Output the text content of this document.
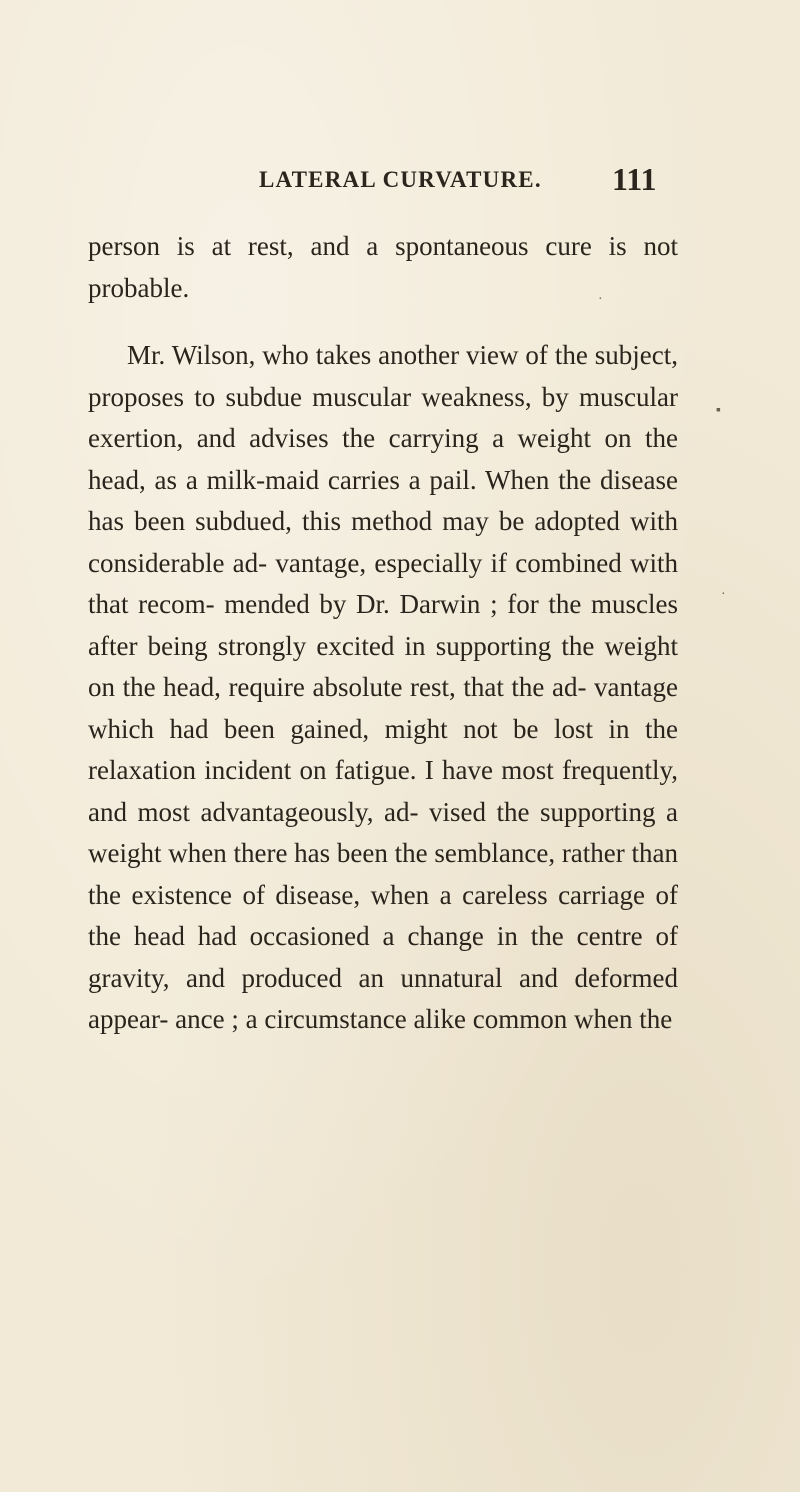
LATERAL CURVATURE. 111

person is at rest, and a spontaneous cure is not probable.

Mr. Wilson, who takes another view of the subject, proposes to subdue muscular weakness, by muscular exertion, and advises the carrying a weight on the head, as a milk-maid carries a pail. When the disease has been subdued, this method may be adopted with considerable ad- vantage, especially if combined with that recom- mended by Dr. Darwin ; for the muscles after being strongly excited in supporting the weight on the head, require absolute rest, that the ad- vantage which had been gained, might not be lost in the relaxation incident on fatigue. I have most frequently, and most advantageously, ad- vised the supporting a weight when there has been the semblance, rather than the existence of disease, when a careless carriage of the head had occasioned a change in the centre of gravity, and produced an unnatural and deformed appear- ance ; a circumstance alike common when the

·
▪
·
